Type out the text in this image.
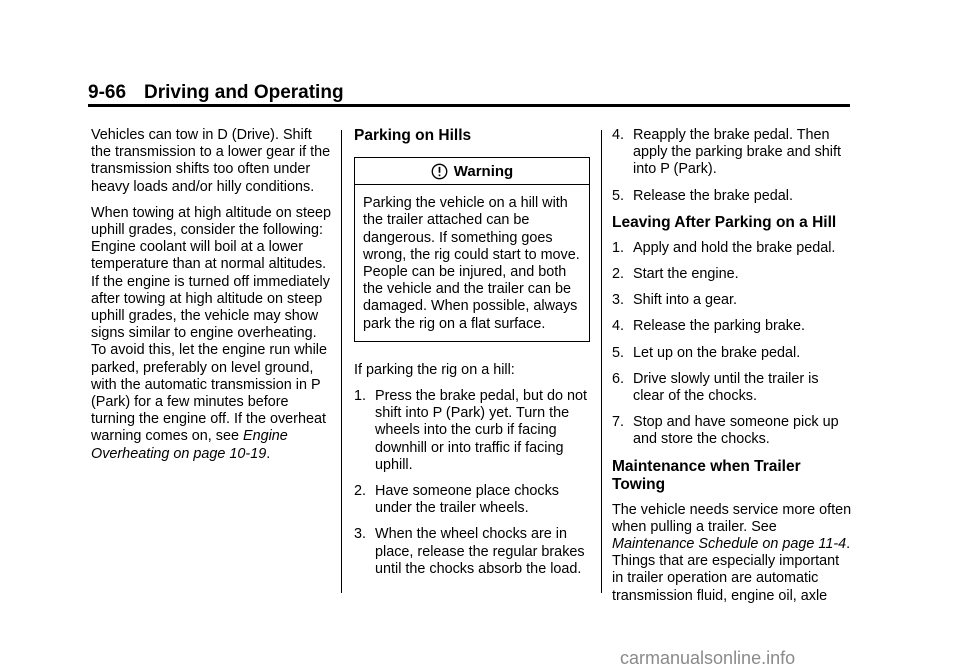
9-66 Driving and Operating

Vehicles can tow in D (Drive). Shift the transmission to a lower gear if the transmission shifts too often under heavy loads and/or hilly conditions.

When towing at high altitude on steep uphill grades, consider the following: Engine coolant will boil at a lower temperature than at normal altitudes. If the engine is turned off immediately after towing at high altitude on steep uphill grades, the vehicle may show signs similar to engine overheating. To avoid this, let the engine run while parked, preferably on level ground, with the automatic transmission in P (Park) for a few minutes before turning the engine off. If the overheat warning comes on, see Engine Overheating on page 10-19.

Parking on Hills
Warning
Parking the vehicle on a hill with the trailer attached can be dangerous. If something goes wrong, the rig could start to move. People can be injured, and both the vehicle and the trailer can be damaged. When possible, always park the rig on a flat surface.

If parking the rig on a hill:

1. Press the brake pedal, but do not shift into P (Park) yet. Turn the wheels into the curb if facing downhill or into traffic if facing uphill.
2. Have someone place chocks under the trailer wheels.
3. When the wheel chocks are in place, release the regular brakes until the chocks absorb the load.
4. Reapply the brake pedal. Then apply the parking brake and shift into P (Park).
5. Release the brake pedal.
Leaving After Parking on a Hill
1. Apply and hold the brake pedal.
2. Start the engine.
3. Shift into a gear.
4. Release the parking brake.
5. Let up on the brake pedal.
6. Drive slowly until the trailer is clear of the chocks.
7. Stop and have someone pick up and store the chocks.
Maintenance when Trailer Towing

The vehicle needs service more often when pulling a trailer. See Maintenance Schedule on page 11-4. Things that are especially important in trailer operation are automatic transmission fluid, engine oil, axle

carmanualsonline.info
